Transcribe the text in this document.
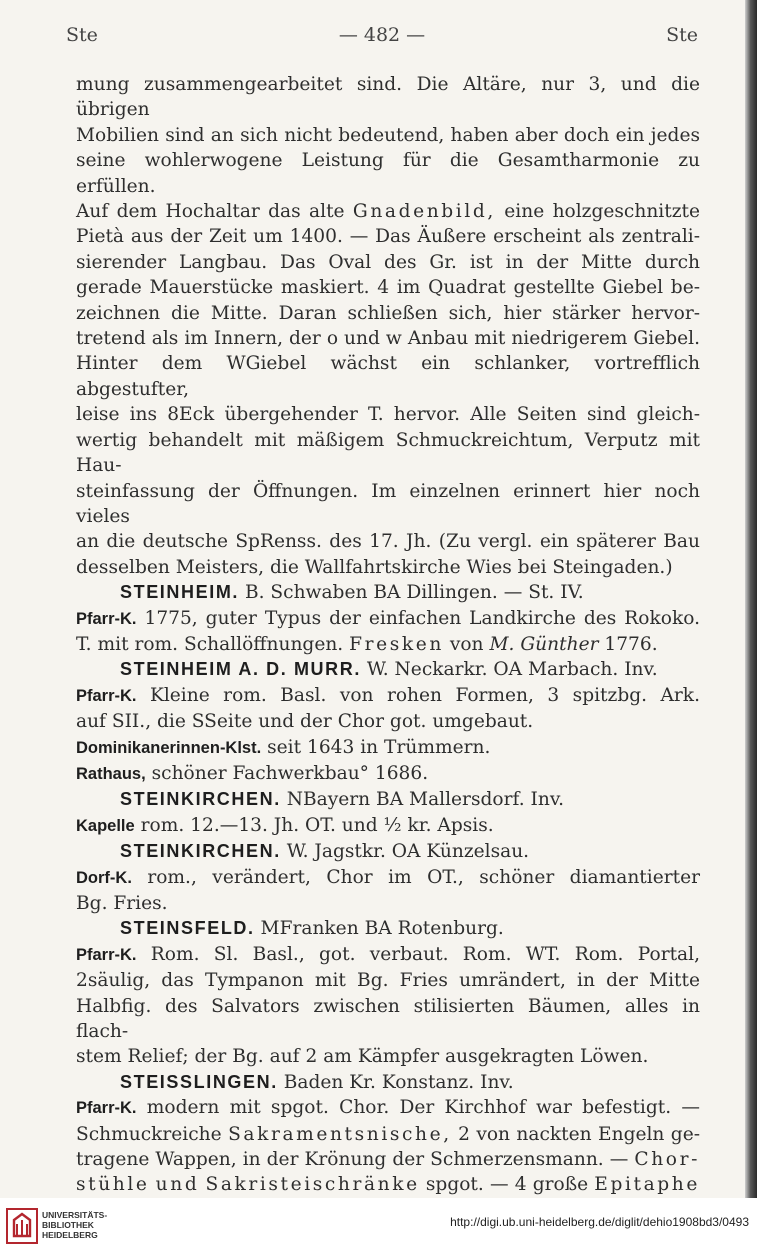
Ste	— 482 —	Ste

mung zusammengearbeitet sind. Die Altäre, nur 3, und die übrigen

Mobilien sind an sich nicht bedeutend, haben aber doch ein jedes

seine wohlerwogene Leistung für die Gesamtharmonie zu erfüllen.

Auf dem Hochaltar das alte Gnadenbild, eine holzgeschnitzte

Pietà aus der Zeit um 1400. — Das Äußere erscheint als zentrali-

sierender Langbau. Das Oval des Gr. ist in der Mitte durch

gerade Mauerstücke maskiert. 4 im Quadrat gestellte Giebel be-

zeichnen die Mitte. Daran schließen sich, hier stärker hervor-

tretend als im Innern, der o und w Anbau mit niedrigerem Giebel.

Hinter dem WGiebel wächst ein schlanker, vortrefflich abgestufter,

leise ins 8Eck übergehender T. hervor. Alle Seiten sind gleich-

wertig behandelt mit mäßigem Schmuckreichtum, Verputz mit Hau-

steinfassung der Öffnungen. Im einzelnen erinnert hier noch vieles

an die deutsche SpRenss. des 17. Jh. (Zu vergl. ein späterer Bau

desselben Meisters, die Wallfahrtskirche Wies bei Steingaden.)

STEINHEIM. B. Schwaben BA Dillingen. — St. IV.

Pfarr-K. 1775, guter Typus der einfachen Landkirche des Rokoko.

T. mit rom. Schallöffnungen. Fresken von M. Günther 1776.

STEINHEIM A. D. MURR. W. Neckarkr. OA Marbach. Inv.

Pfarr-K. Kleine rom. Basl. von rohen Formen, 3 spitzbg. Ark.

auf SII., die SSeite und der Chor got. umgebaut.

Dominikanerinnen-Klst. seit 1643 in Trümmern.

Rathaus, schöner Fachwerkbau° 1686.

STEINKIRCHEN. NBayern BA Mallersdorf. Inv.

Kapelle rom. 12.—13. Jh. OT. und ½ kr. Apsis.

STEINKIRCHEN. W. Jagstkr. OA Künzelsau.

Dorf-K. rom., verändert, Chor im OT., schöner diamantierter

Bg. Fries.

STEINSFELD. MFranken BA Rotenburg.

Pfarr-K. Rom. Sl. Basl., got. verbaut. Rom. WT. Rom. Portal,

2säulig, das Tympanon mit Bg. Fries umrändert, in der Mitte

Halbfig. des Salvators zwischen stilisierten Bäumen, alles in flach-

stem Relief; der Bg. auf 2 am Kämpfer ausgekragten Löwen.

STEISSLINGEN. Baden Kr. Konstanz. Inv.

Pfarr-K. modern mit spgot. Chor. Der Kirchhof war befestigt. —

Schmuckreiche Sakramentsnische, 2 von nackten Engeln ge-

tragene Wappen, in der Krönung der Schmerzensmann. — Chor-

stühle und Sakristeischränke spgot. — 4 große Epitaphe

UNIVERSITÄTS-
BIBLIOTHEK
HEIDELBERG
http://digi.ub.uni-heidelberg.de/diglit/dehio1908bd3/0493
